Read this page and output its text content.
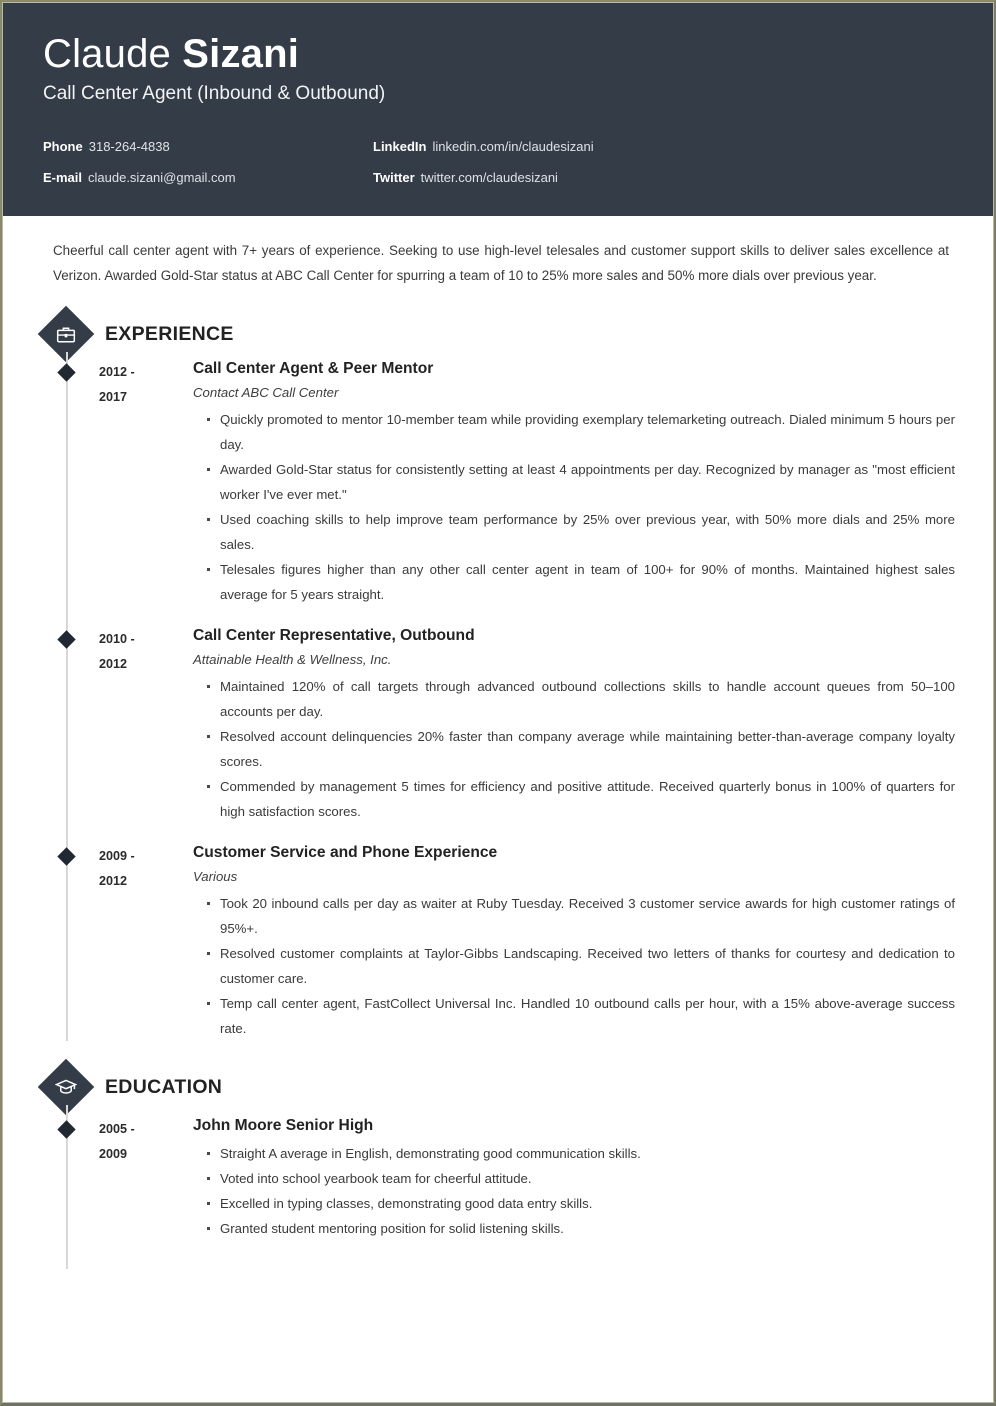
Claude Sizani
Call Center Agent (Inbound & Outbound)
Phone 318-264-4838	LinkedIn linkedin.com/in/claudesizani
E-mail claude.sizani@gmail.com	Twitter twitter.com/claudesizani

Cheerful call center agent with 7+ years of experience. Seeking to use high-level telesales and customer support skills to deliver sales excellence at Verizon. Awarded Gold-Star status at ABC Call Center for spurring a team of 10 to 25% more sales and 50% more dials over previous year.

EXPERIENCE
2012 -
2017
Call Center Agent & Peer Mentor
Contact ABC Call Center
Quickly promoted to mentor 10-member team while providing exemplary telemarketing outreach. Dialed minimum 5 hours per day.
Awarded Gold-Star status for consistently setting at least 4 appointments per day. Recognized by manager as "most efficient worker I've ever met."
Used coaching skills to help improve team performance by 25% over previous year, with 50% more dials and 25% more sales.
Telesales figures higher than any other call center agent in team of 100+ for 90% of months. Maintained highest sales average for 5 years straight.
2010 -
2012
Call Center Representative, Outbound
Attainable Health & Wellness, Inc.
Maintained 120% of call targets through advanced outbound collections skills to handle account queues from 50–100 accounts per day.
Resolved account delinquencies 20% faster than company average while maintaining better-than-average company loyalty scores.
Commended by management 5 times for efficiency and positive attitude. Received quarterly bonus in 100% of quarters for high satisfaction scores.
2009 -
2012
Customer Service and Phone Experience
Various
Took 20 inbound calls per day as waiter at Ruby Tuesday. Received 3 customer service awards for high customer ratings of 95%+.
Resolved customer complaints at Taylor-Gibbs Landscaping. Received two letters of thanks for courtesy and dedication to customer care.
Temp call center agent, FastCollect Universal Inc. Handled 10 outbound calls per hour, with a 15% above-average success rate.
EDUCATION
2005 -
2009
John Moore Senior High
Straight A average in English, demonstrating good communication skills.
Voted into school yearbook team for cheerful attitude.
Excelled in typing classes, demonstrating good data entry skills.
Granted student mentoring position for solid listening skills.
